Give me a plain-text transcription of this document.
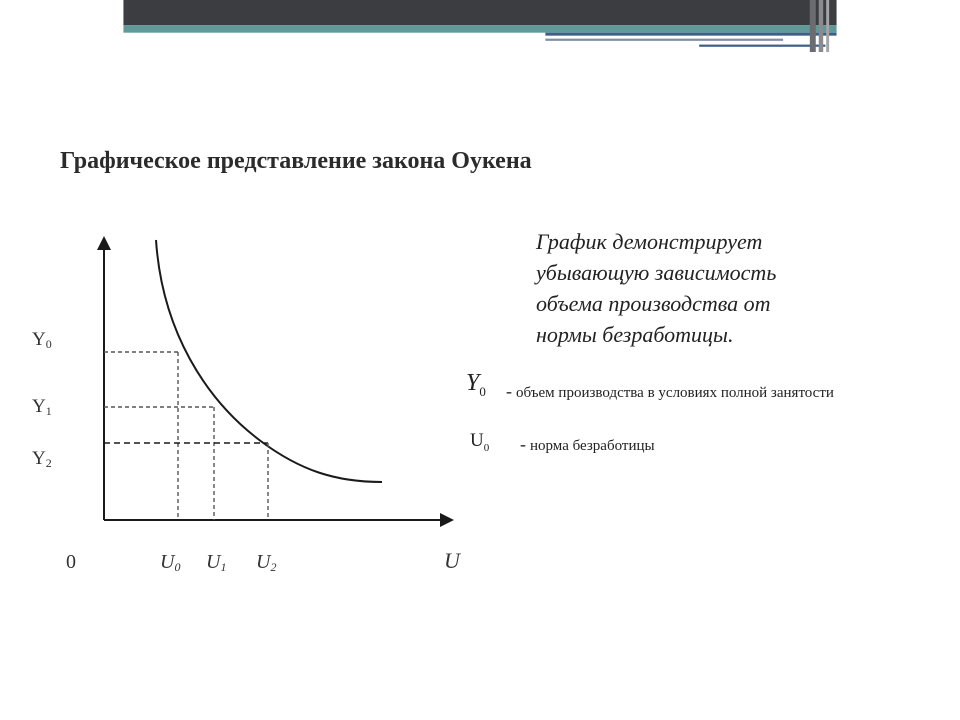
Графическое представление закона Оукена
Y0
Y1
Y2
0	U0 U1 U2	U
График демонстрирует
убывающую зависимость
объема производства от
нормы безработицы.
$Y_0$ - объем производства в условиях полной занятости
$U_0$ - норма безработицы
